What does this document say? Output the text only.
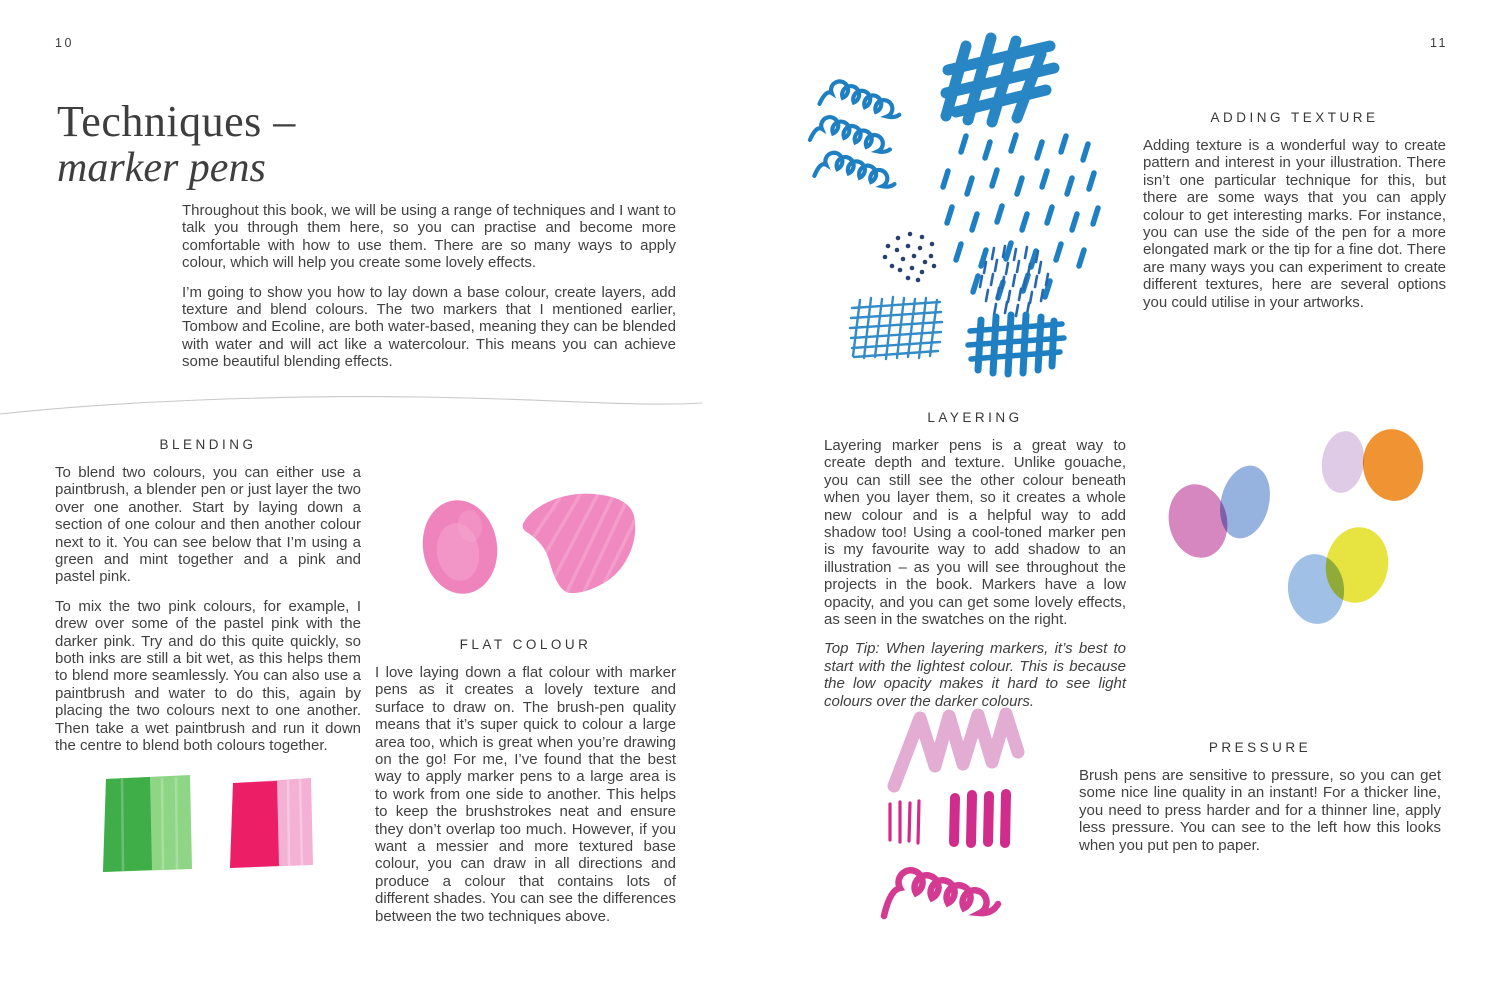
10
Techniques –
marker pens

Throughout this book, we will be using a range of techniques and I want to talk you through them here, so you can practise and become more comfortable with how to use them. There are so many ways to apply colour, which will help you create some lovely effects.

I’m going to show you how to lay down a base colour, create layers, add texture and blend colours. The two markers that I mentioned earlier, Tombow and Ecoline, are both water-based, meaning they can be blended with water and will act like a watercolour. This means you can achieve some beautiful blending effects.

BLENDING

To blend two colours, you can either use a paintbrush, a blender pen or just layer the two over one another. Start by laying down a section of one colour and then another colour next to it. You can see below that I’m using a green and mint together and a pink and pastel pink.

To mix the two pink colours, for example, I drew over some of the pastel pink with the darker pink. Try and do this quite quickly, so both inks are still a bit wet, as this helps them to blend more seamlessly. You can also use a paintbrush and water to do this, again by placing the two colours next to one another. Then take a wet paintbrush and run it down the centre to blend both colours together.

FLAT COLOUR

I love laying down a flat colour with marker pens as it creates a lovely texture and surface to draw on. The brush-pen quality means that it’s super quick to colour a large area too, which is great when you’re drawing on the go! For me, I’ve found that the best way to apply marker pens to a large area is to work from one side to another. This helps to keep the brushstrokes neat and ensure they don’t overlap too much. However, if you want a messier and more textured base colour, you can draw in all directions and produce a colour that contains lots of different shades. You can see the differences between the two techniques above.

11
ADDING TEXTURE

Adding texture is a wonderful way to create pattern and interest in your illustration. There isn’t one particular technique for this, but there are some ways that you can apply colour to get interesting marks. For instance, you can use the side of the pen for a more elongated mark or the tip for a fine dot. There are many ways you can experiment to create different textures, here are several options you could utilise in your artworks.

LAYERING

Layering marker pens is a great way to create depth and texture. Unlike gouache, you can still see the other colour beneath when you layer them, so it creates a whole new colour and is a helpful way to add shadow too! Using a cool-toned marker pen is my favourite way to add shadow to an illustration – as you will see throughout the projects in the book. Markers have a low opacity, and you can get some lovely effects, as seen in the swatches on the right.

Top Tip: When layering markers, it’s best to start with the lightest colour. This is because the low opacity makes it hard to see light colours over the darker colours.

PRESSURE

Brush pens are sensitive to pressure, so you can get some nice line quality in an instant! For a thicker line, you need to press harder and for a thinner line, apply less pressure. You can see to the left how this looks when you put pen to paper.
